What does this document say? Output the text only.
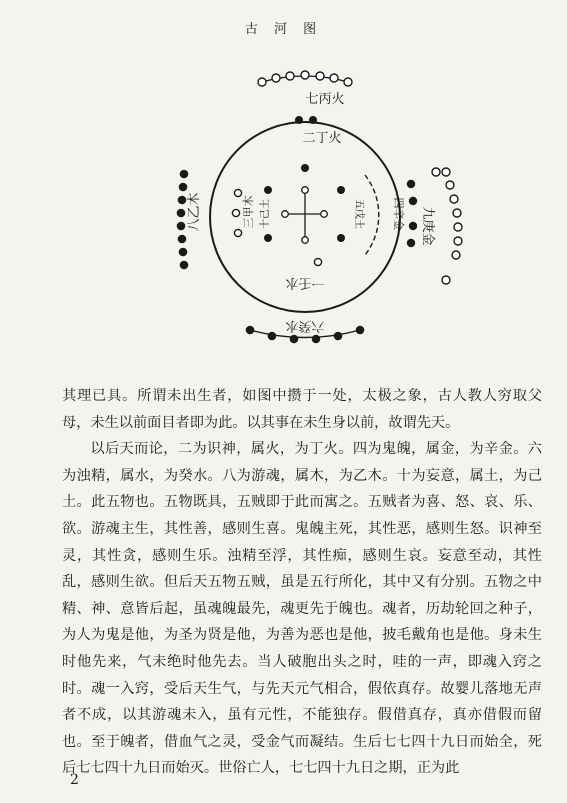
古 河 图
七丙火
二丁火
八乙木	三甲木 十己土	五戊土	四辛金 九庚金
一壬水
六癸水

其理已具。所谓未出生者，如图中攒于一处，太极之象，古人教人穷取父母，未生以前面目者即为此。以其事在未生身以前，故谓先天。

以后天而论，二为识神，属火，为丁火。四为鬼魄，属金，为辛金。六为浊精，属水，为癸水。八为游魂，属木，为乙木。十为妄意，属土，为己土。此五物也。五物既具，五贼即于此而寓之。五贼者为喜、怒、哀、乐、欲。游魂主生，其性善，感则生喜。鬼魄主死，其性恶，感则生怒。识神至灵，其性贪，感则生乐。浊精至浮，其性痴，感则生哀。妄意至动，其性乱，感则生欲。但后天五物五贼，虽是五行所化，其中又有分别。五物之中精、神、意皆后起，虽魂魄最先，魂更先于魄也。魂者，历劫轮回之种子，为人为鬼是他，为圣为贤是他，为善为恶也是他，披毛戴角也是他。身未生时他先来，气未绝时他先去。当人破胞出头之时，哇的一声，即魂入窍之时。魂一入窍，受后天生气，与先天元气相合，假依真存。故婴儿落地无声者不成，以其游魂未入，虽有元性，不能独存。假借真存，真亦借假而留也。至于魄者，借血气之灵，受金气而凝结。生后七七四十九日而始全，死后七七四十九日而始灭。世俗亡人，七七四十九日之期，正为此

2
